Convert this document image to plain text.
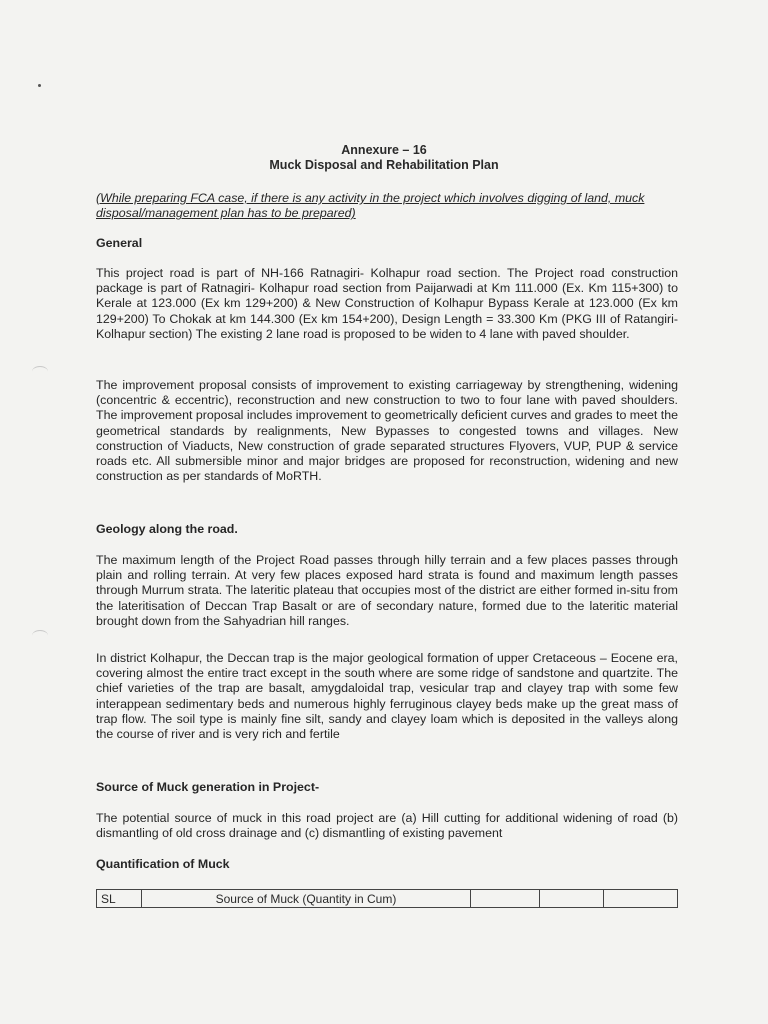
Annexure – 16
Muck Disposal and Rehabilitation Plan

(While preparing FCA case, if there is any activity in the project which involves digging of land, muck disposal/management plan has to be prepared)

General

This project road is part of NH-166 Ratnagiri- Kolhapur road section. The Project road construction package is part of Ratnagiri- Kolhapur road section from Paijarwadi at Km 111.000 (Ex. Km 115+300) to Kerale at 123.000 (Ex km 129+200) & New Construction of Kolhapur Bypass Kerale at 123.000 (Ex km 129+200) To Chokak at km 144.300 (Ex km 154+200), Design Length = 33.300 Km (PKG III of Ratangiri-Kolhapur section) The existing 2 lane road is proposed to be widen to 4 lane with paved shoulder.

The improvement proposal consists of improvement to existing carriageway by strengthening, widening (concentric & eccentric), reconstruction and new construction to two to four lane with paved shoulders. The improvement proposal includes improvement to geometrically deficient curves and grades to meet the geometrical standards by realignments, New Bypasses to congested towns and villages. New construction of Viaducts, New construction of grade separated structures Flyovers, VUP, PUP & service roads etc. All submersible minor and major bridges are proposed for reconstruction, widening and new construction as per standards of MoRTH.

Geology along the road.

The maximum length of the Project Road passes through hilly terrain and a few places passes through plain and rolling terrain. At very few places exposed hard strata is found and maximum length passes through Murrum strata. The lateritic plateau that occupies most of the district are either formed in-situ from the lateritisation of Deccan Trap Basalt or are of secondary nature, formed due to the lateritic material brought down from the Sahyadrian hill ranges.

In district Kolhapur, the Deccan trap is the major geological formation of upper Cretaceous – Eocene era, covering almost the entire tract except in the south where are some ridge of sandstone and quartzite. The chief varieties of the trap are basalt, amygdaloidal trap, vesicular trap and clayey trap with some few interappean sedimentary beds and numerous highly ferruginous clayey beds make up the great mass of trap flow. The soil type is mainly fine silt, sandy and clayey loam which is deposited in the valleys along the course of river and is very rich and fertile

Source of Muck generation in Project-

The potential source of muck in this road project are (a) Hill cutting for additional widening of road (b) dismantling of old cross drainage and (c) dismantling of existing pavement

Quantification of Muck

SL	Source of Muck (Quantity in Cum)			
